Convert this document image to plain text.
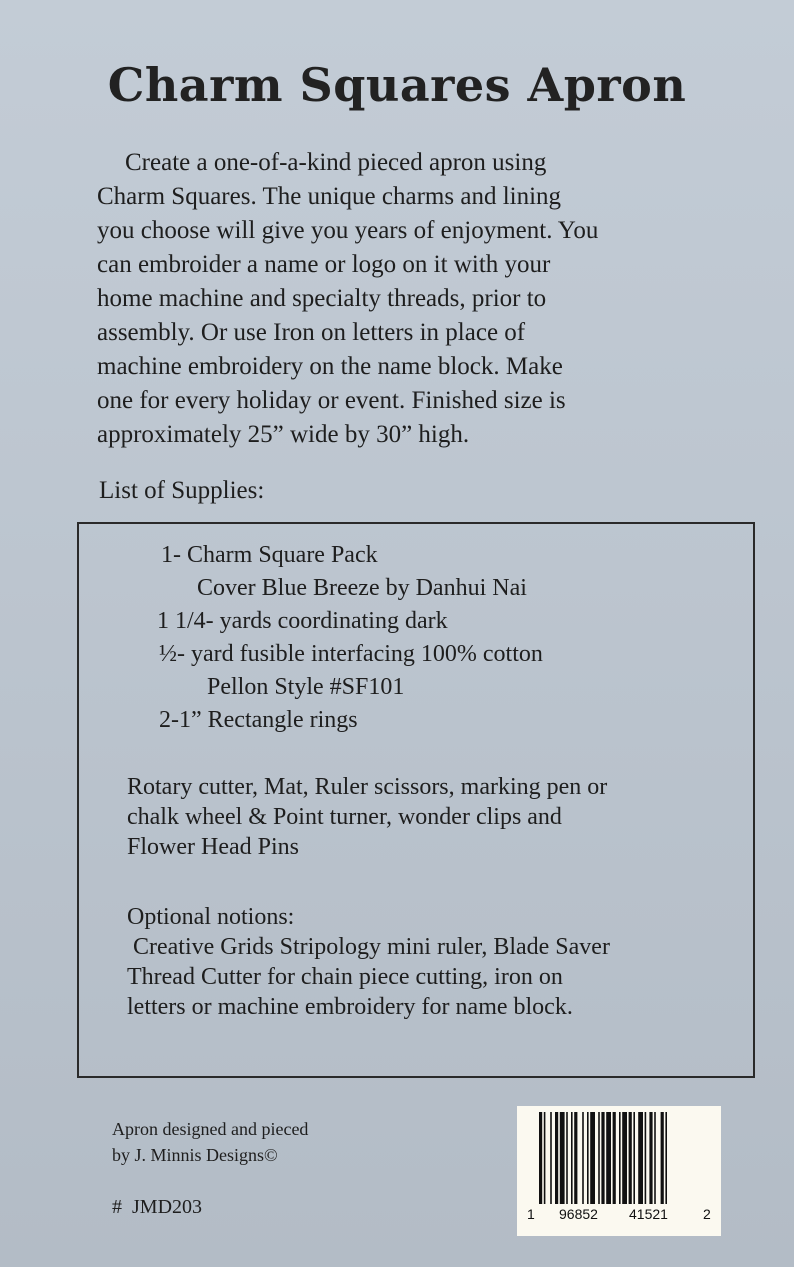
Charm Squares Apron

Create a one-of-a-kind pieced apron using
Charm Squares. The unique charms and lining
you choose will give you years of enjoyment. You
can embroider a name or logo on it with your
home machine and specialty threads, prior to
assembly. Or use Iron on letters in place of
machine embroidery on the name block. Make
one for every holiday or event. Finished size is
approximately 25” wide by 30” high.

List of Supplies:
1- Charm Square Pack
Cover Blue Breeze by Danhui Nai
1 1/4- yards coordinating dark
½- yard fusible interfacing 100% cotton
Pellon Style #SF101
2-1” Rectangle rings
Rotary cutter, Mat, Ruler scissors, marking pen or
chalk wheel & Point turner, wonder clips and
Flower Head Pins
Optional notions:
Creative Grids Stripology mini ruler, Blade Saver
Thread Cutter for chain piece cutting, iron on
letters or machine embroidery for name block.
Apron designed and pieced
by J. Minnis Designs©
#  JMD203	1 96852 41521	2
